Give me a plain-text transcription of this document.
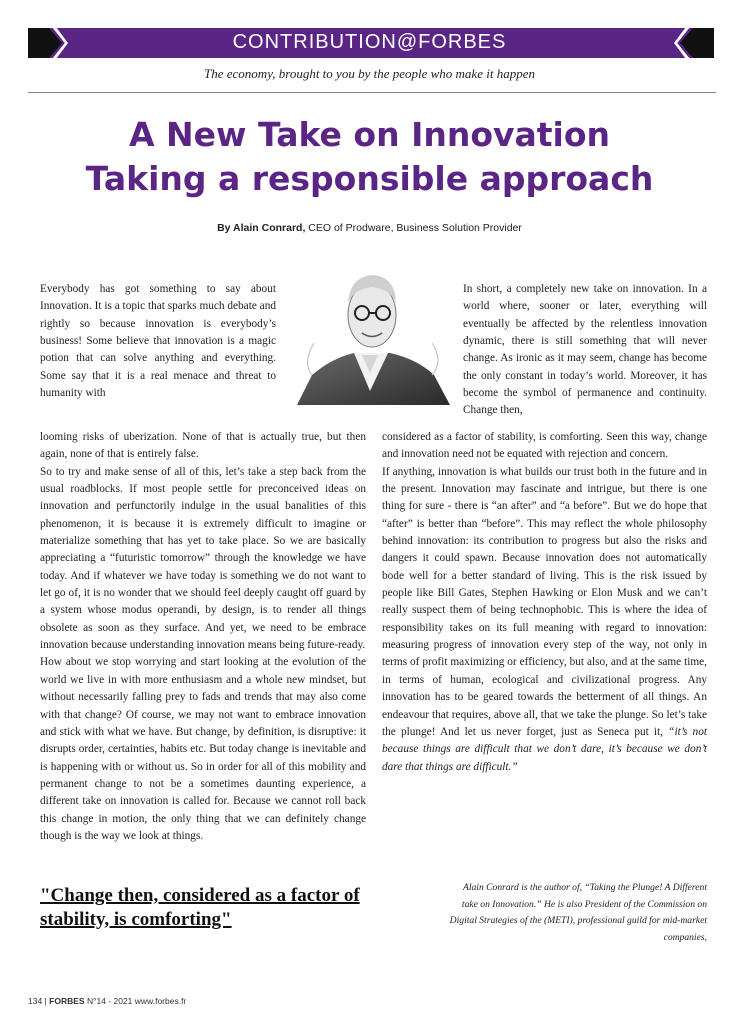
CONTRIBUTION@FORBES
The economy, brought to you by the people who make it happen
A New Take on Innovation
Taking a responsible approach
By Alain Conrard, CEO of Prodware, Business Solution Provider

Everybody has got something to say about Innovation. It is a topic that sparks much debate and rightly so because innovation is everybody’s business! Some believe that innovation is a magic potion that can solve anything and everything. Some say that it is a real menace and threat to humanity with

looming risks of uberization. None of that is actually true, but then again, none of that is entirely false.

So to try and make sense of all of this, let’s take a step back from the usual roadblocks. If most people settle for preconceived ideas on innovation and perfunctorily indulge in the usual banalities of this phenomenon, it is because it is extremely difficult to imagine or materialize something that has yet to take place. So we are basically appreciating a “futuristic tomorrow” through the knowledge we have today. And if whatever we have today is something we do not want to let go of, it is no wonder that we should feel deeply caught off guard by a system whose modus operandi, by design, is to render all things obsolete as soon as they surface. And yet, we need to be embrace innovation because understanding innovation means being future-ready.

How about we stop worrying and start looking at the evolution of the world we live in with more enthusiasm and a whole new mindset, but without necessarily falling prey to fads and trends that may also come with that change? Of course, we may not want to embrace innovation and stick with what we have. But change, by definition, is disruptive: it disrupts order, certainties, habits etc. But today change is inevitable and is happening with or without us. So in order for all of this mobility and permanent change to not be a sometimes daunting experience, a different take on innovation is called for. Because we cannot roll back this change in motion, the only thing that we can definitely change though is the way we look at things.

In short, a completely new take on innovation. In a world where, sooner or later, everything will eventually be affected by the relentless innovation dynamic, there is still something that will never change. As ironic as it may seem, change has become the only constant in today’s world. Moreover, it has become the symbol of permanence and continuity. Change then,

considered as a factor of stability, is comforting. Seen this way, change and innovation need not be equated with rejection and concern.

If anything, innovation is what builds our trust both in the future and in the present. Innovation may fascinate and intrigue, but there is one thing for sure - there is “an after” and “a before”. But we do hope that “after” is better than “before”. This may reflect the whole philosophy behind innovation: its contribution to progress but also the risks and dangers it could spawn. Because innovation does not automatically bode well for a better standard of living. This is the risk issued by people like Bill Gates, Stephen Hawking or Elon Musk and we can’t really suspect them of being technophobic. This is where the idea of responsibility takes on its full meaning with regard to innovation: measuring progress of innovation every step of the way, not only in terms of profit maximizing or efficiency, but also, and at the same time, in terms of human, ecological and civilizational progress. Any innovation has to be geared towards the betterment of all things. An endeavour that requires, above all, that we take the plunge. So let’s take the plunge! And let us never forget, just as Seneca put it, “it’s not because things are difficult that we don’t dare, it’s because we don’t dare that things are difficult.”

"Change then, considered as a factor of stability, is comforting"
Alain Conrard is the author of, “Taking the Plunge! A Different take on Innovation.” He is also President of the Commission on Digital Strategies of the (METI), professional guild for mid-market companies,
134 | FORBES N°14 - 2021 www.forbes.fr
